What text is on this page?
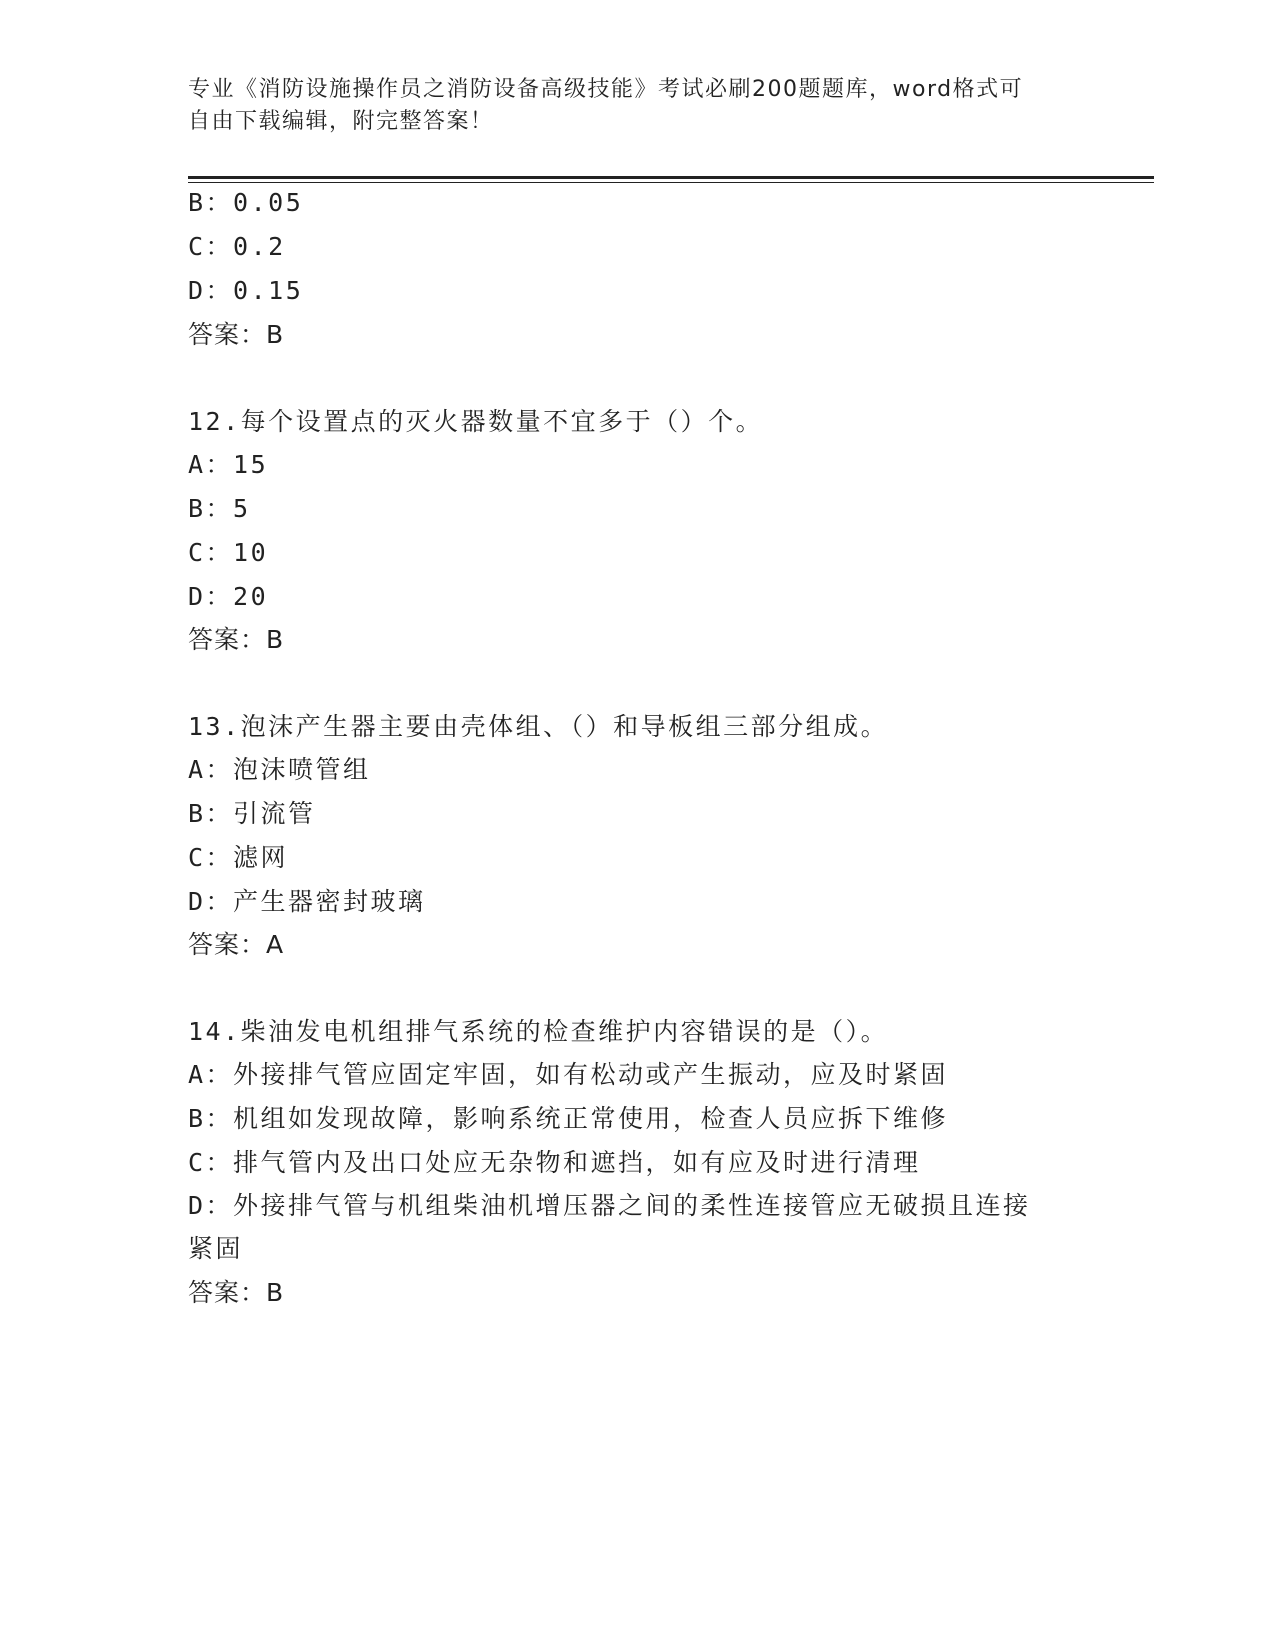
专业《消防设施操作员之消防设备高级技能》考试必刷200题题库，word格式可
自由下载编辑，附完整答案！
B：0.05
C：0.2
D：0.15
答案：B
12.每个设置点的灭火器数量不宜多于（）个。
A：15
B：5
C：10
D：20
答案：B
13.泡沫产生器主要由壳体组、（）和导板组三部分组成。
A：泡沫喷管组
B：引流管
C：滤网
D：产生器密封玻璃
答案：A
14.柴油发电机组排气系统的检查维护内容错误的是（）。
A：外接排气管应固定牢固，如有松动或产生振动，应及时紧固
B：机组如发现故障，影响系统正常使用，检查人员应拆下维修
C：排气管内及出口处应无杂物和遮挡，如有应及时进行清理
D：外接排气管与机组柴油机增压器之间的柔性连接管应无破损且连接
紧固
答案：B
